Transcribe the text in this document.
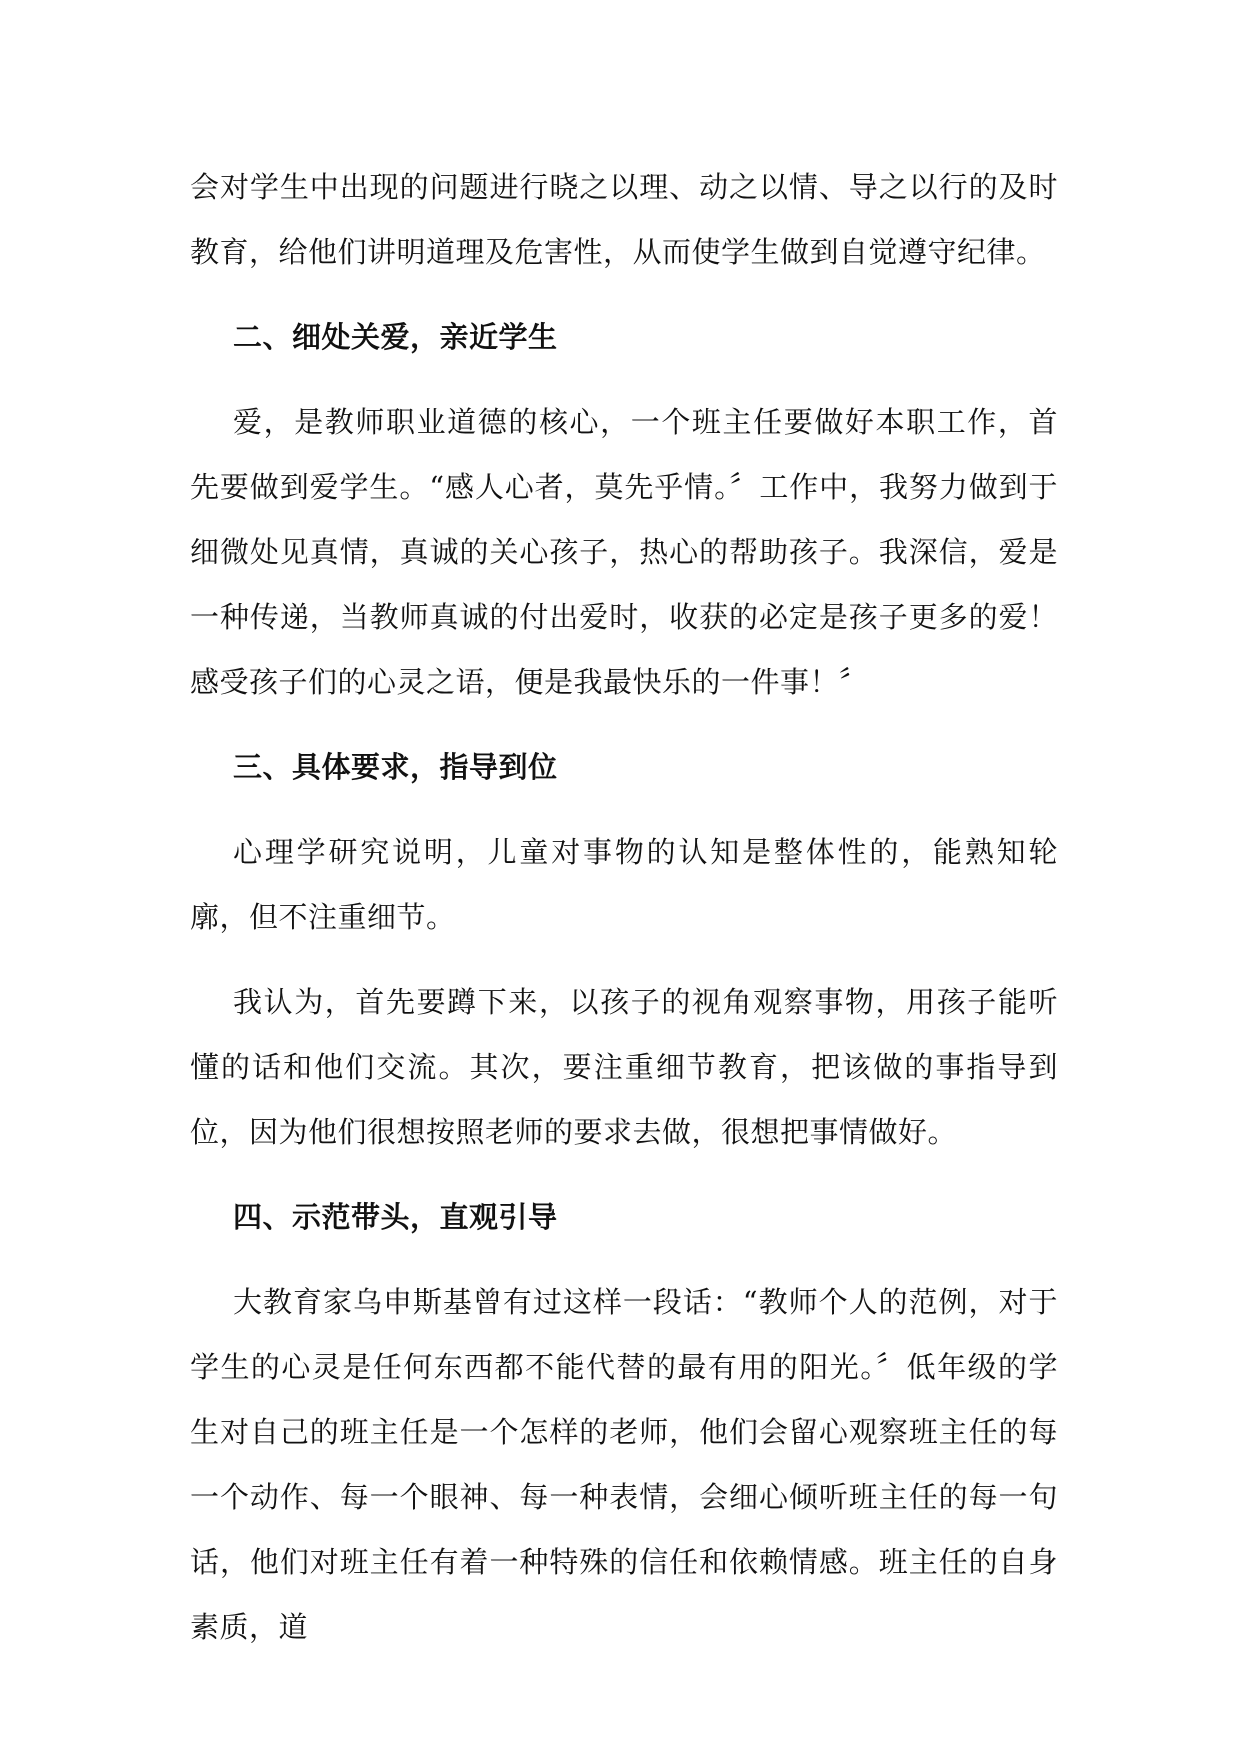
会对学生中出现的问题进行晓之以理、动之以情、导之以行的及时教育，给他们讲明道理及危害性，从而使学生做到自觉遵守纪律。

二、细处关爱，亲近学生

爱，是教师职业道德的核心，一个班主任要做好本职工作，首先要做到爱学生。“感人心者，莫先乎情。〞工作中，我努力做到于细微处见真情，真诚的关心孩子，热心的帮助孩子。我深信，爱是一种传递，当教师真诚的付出爱时，收获的必定是孩子更多的爱！感受孩子们的心灵之语，便是我最快乐的一件事！〞

三、具体要求，指导到位

心理学研究说明，儿童对事物的认知是整体性的，能熟知轮廓，但不注重细节。

我认为，首先要蹲下来，以孩子的视角观察事物，用孩子能听懂的话和他们交流。其次，要注重细节教育，把该做的事指导到位，因为他们很想按照老师的要求去做，很想把事情做好。

四、示范带头，直观引导

大教育家乌申斯基曾有过这样一段话：“教师个人的范例，对于学生的心灵是任何东西都不能代替的最有用的阳光。〞低年级的学生对自己的班主任是一个怎样的老师，他们会留心观察班主任的每一个动作、每一个眼神、每一种表情，会细心倾听班主任的每一句话，他们对班主任有着一种特殊的信任和依赖情感。班主任的自身素质，道
